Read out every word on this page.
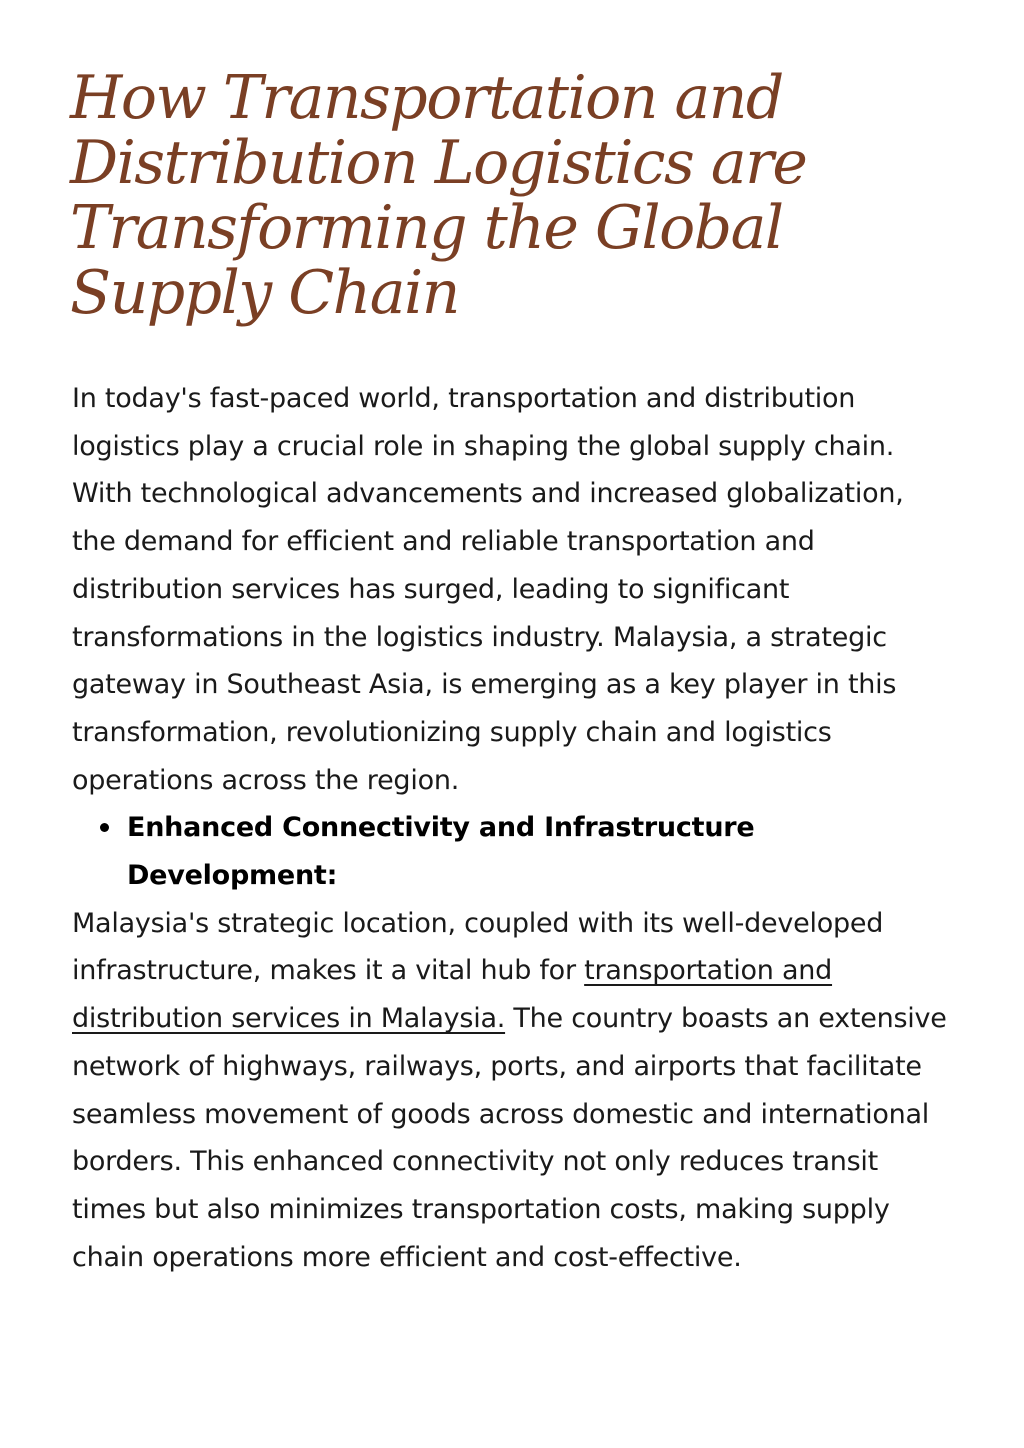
How Transportation and Distribution Logistics are Transforming the Global Supply Chain

In today's fast-paced world, transportation and distribution logistics play a crucial role in shaping the global supply chain. With technological advancements and increased globalization, the demand for efficient and reliable transportation and distribution services has surged, leading to significant transformations in the logistics industry. Malaysia, a strategic gateway in Southeast Asia, is emerging as a key player in this transformation, revolutionizing supply chain and logistics operations across the region.

Enhanced Connectivity and Infrastructure Development:

Malaysia's strategic location, coupled with its well-developed infrastructure, makes it a vital hub for transportation and distribution services in Malaysia. The country boasts an extensive network of highways, railways, ports, and airports that facilitate seamless movement of goods across domestic and international borders. This enhanced connectivity not only reduces transit times but also minimizes transportation costs, making supply chain operations more efficient and cost-effective.
